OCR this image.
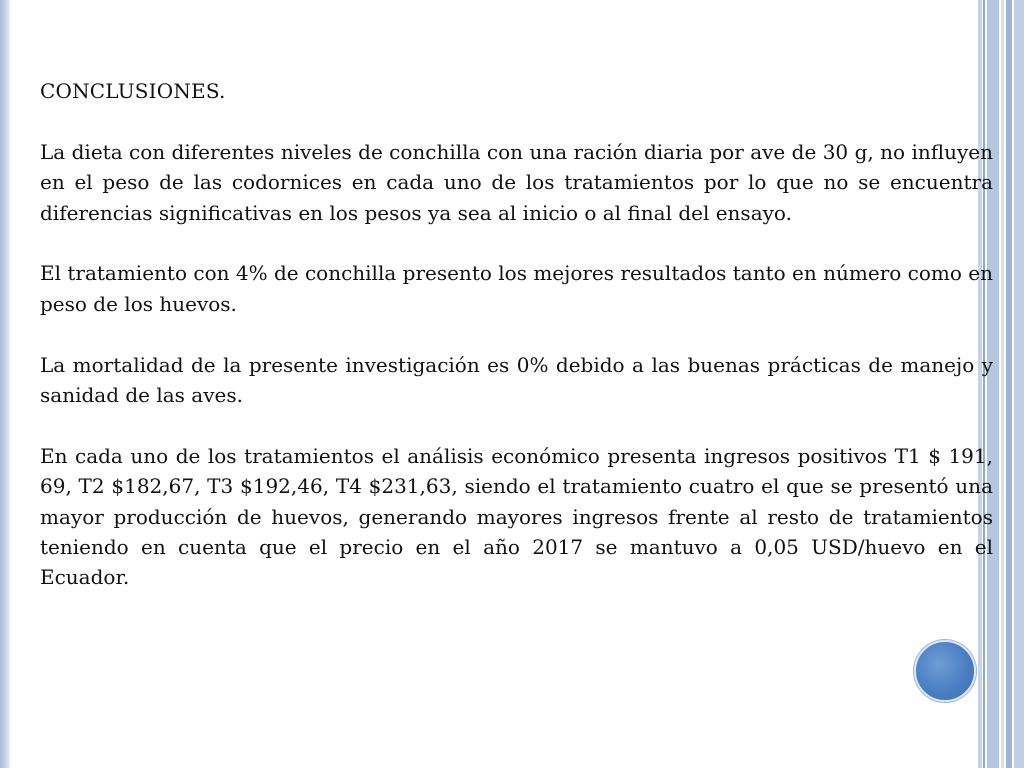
CONCLUSIONES.
La dieta con diferentes niveles de conchilla con una ración diaria por ave de 30 g, no influyen en el peso de las codornices en cada uno de los tratamientos por lo que no se encuentra diferencias significativas en los pesos ya sea al inicio o al final del ensayo.
El tratamiento con 4% de conchilla presento los mejores resultados tanto en número como en peso de los huevos.
La mortalidad de la presente investigación es 0% debido a las buenas prácticas de manejo y sanidad de las aves.
En cada uno de los tratamientos el análisis económico presenta ingresos positivos T1 $ 191, 69, T2 $182,67, T3 $192,46, T4 $231,63, siendo el tratamiento cuatro el que se presentó una mayor producción de huevos, generando mayores ingresos frente al resto de tratamientos teniendo en cuenta que el precio en el año 2017 se mantuvo a 0,05 USD/huevo en el Ecuador.
